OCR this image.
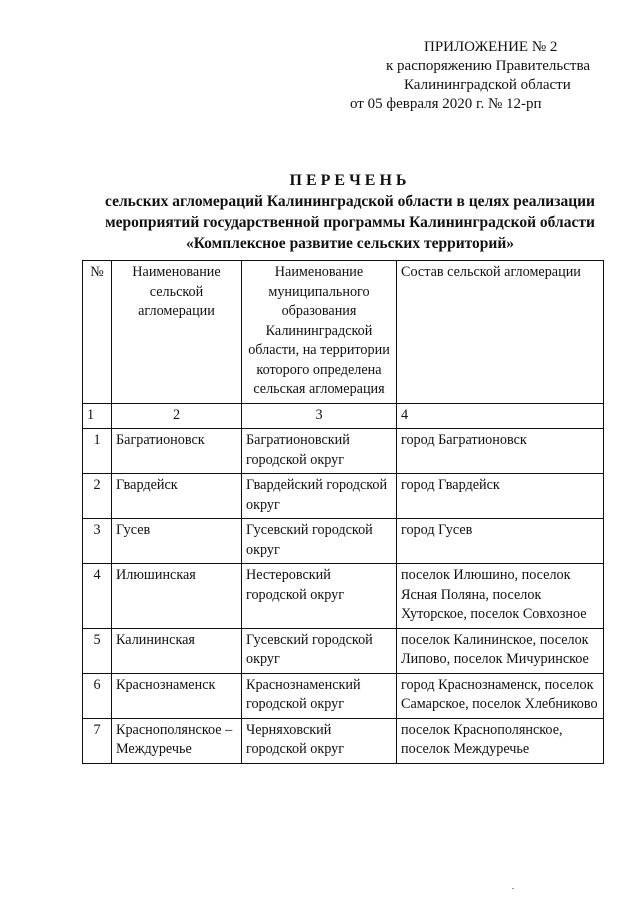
ПРИЛОЖЕНИЕ № 2
к распоряжению Правительства
Калининградской области
от 05 февраля 2020 г. № 12-рп
ПЕРЕЧЕНЬ
сельских агломераций Калининградской области в целях реализации
мероприятий государственной программы Калининградской области
«Комплексное развитие сельских территорий»
№	Наименование сельской агломерации	Наименование муниципального образования Калининградской области, на территории которого определена сельская агломерация	Состав сельской агломерации
1	2	3	4
1	Багратионовск	Багратионовский городской округ	город Багратионовск
2	Гвардейск	Гвардейский городской округ	город Гвардейск
3	Гусев	Гусевский городской округ	город Гусев
4	Илюшинская	Нестеровский городской округ	поселок Илюшино, поселок Ясная Поляна, поселок Хуторское, поселок Совхозное
5	Калининская	Гусевский городской округ	поселок Калининское, поселок Липово, поселок Мичуринское
6	Краснознаменск	Краснознаменский городской округ	город Краснознаменск, поселок Самарское, поселок Хлебниково
7	Краснополянское – Междуречье	Черняховский городской округ	поселок Краснополянское, поселок Междуречье
